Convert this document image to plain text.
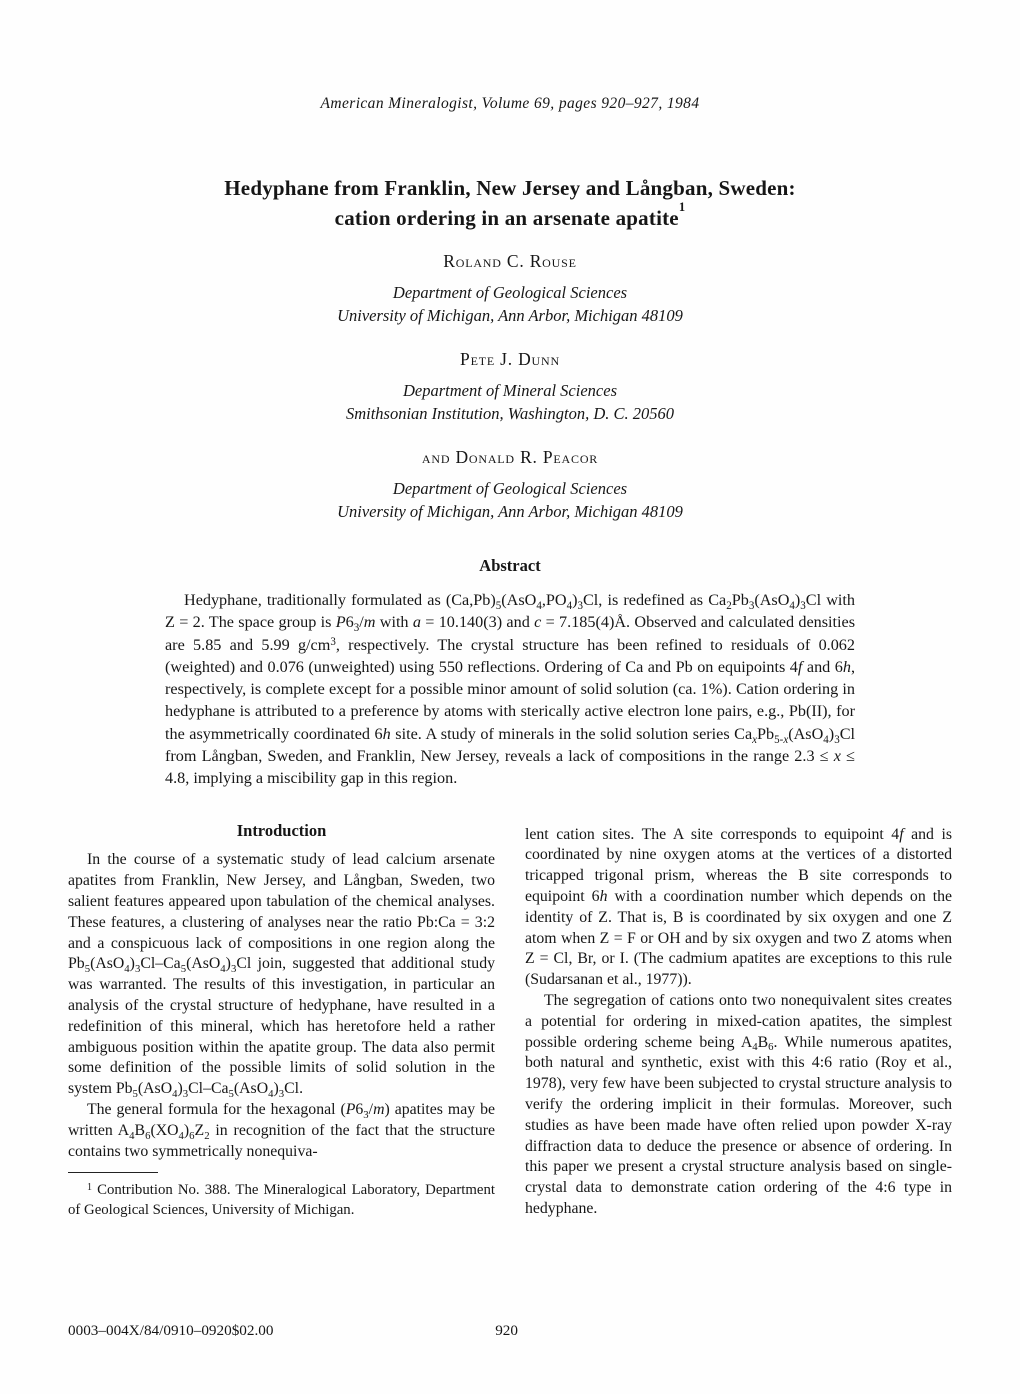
American Mineralogist, Volume 69, pages 920–927, 1984
Hedyphane from Franklin, New Jersey and Långban, Sweden:
cation ordering in an arsenate apatite$^1$
Roland C. Rouse
Department of Geological Sciences
University of Michigan, Ann Arbor, Michigan 48109
Pete J. Dunn
Department of Mineral Sciences
Smithsonian Institution, Washington, D. C. 20560
and Donald R. Peacor
Department of Geological Sciences
University of Michigan, Ann Arbor, Michigan 48109
Abstract
Hedyphane, traditionally formulated as $(Ca,Pb)_5(AsO_4,PO_4)_3Cl$, is redefined as $Ca_2Pb_3(AsO_4)_3Cl$ with Z = 2. The space group is $P6_3/m$ with a = 10.140(3) and c = 7.185(4)Å. Observed and calculated densities are 5.85 and 5.99 $g/cm^3$, respectively. The crystal structure has been refined to residuals of 0.062 (weighted) and 0.076 (unweighted) using 550 reflections. Ordering of Ca and Pb on equipoints 4f and 6h, respectively, is complete except for a possible minor amount of solid solution (ca. 1%). Cation ordering in hedyphane is attributed to a preference by atoms with sterically active electron lone pairs, e.g., Pb(II), for the asymmetrically coordinated 6h site. A study of minerals in the solid solution series $Ca_xPb_{5-x}(AsO_4)_3Cl$ from Långban, Sweden, and Franklin, New Jersey, reveals a lack of compositions in the range 2.3 ≤ x ≤ 4.8, implying a miscibility gap in this region.
Introduction

In the course of a systematic study of lead calcium arsenate apatites from Franklin, New Jersey, and Långban, Sweden, two salient features appeared upon tabulation of the chemical analyses. These features, a clustering of analyses near the ratio Pb:Ca = 3:2 and a conspicuous lack of compositions in one region along the $Pb_5(AsO_4)_3Cl-Ca_5(AsO_4)_3Cl$ join, suggested that additional study was warranted. The results of this investigation, in particular an analysis of the crystal structure of hedyphane, have resulted in a redefinition of this mineral, which has heretofore held a rather ambiguous position within the apatite group. The data also permit some definition of the possible limits of solid solution in the system $Pb_5(AsO_4)_3Cl-Ca_5(AsO_4)_3Cl$.

The general formula for the hexagonal $(P6_3/m)$ apatites may be written $A_4B_6(XO_4)_6Z_2$ in recognition of the fact that the structure contains two symmetrically nonequiva-

$^1$ Contribution No. 388. The Mineralogical Laboratory, Department of Geological Sciences, University of Michigan.

lent cation sites. The A site corresponds to equipoint 4f and is coordinated by nine oxygen atoms at the vertices of a distorted tricapped trigonal prism, whereas the B site corresponds to equipoint 6h with a coordination number which depends on the identity of Z. That is, B is coordinated by six oxygen and one Z atom when Z = F or OH and by six oxygen and two Z atoms when Z = Cl, Br, or I. (The cadmium apatites are exceptions to this rule (Sudarsanan et al., 1977)).

The segregation of cations onto two nonequivalent sites creates a potential for ordering in mixed-cation apatites, the simplest possible ordering scheme being $A_4B_6$. While numerous apatites, both natural and synthetic, exist with this 4:6 ratio (Roy et al., 1978), very few have been subjected to crystal structure analysis to verify the ordering implicit in their formulas. Moreover, such studies as have been made have often relied upon powder X-ray diffraction data to deduce the presence or absence of ordering. In this paper we present a crystal structure analysis based on single-crystal data to demonstrate cation ordering of the 4:6 type in hedyphane.

0003–004X/84/0910–0920$02.00	920
